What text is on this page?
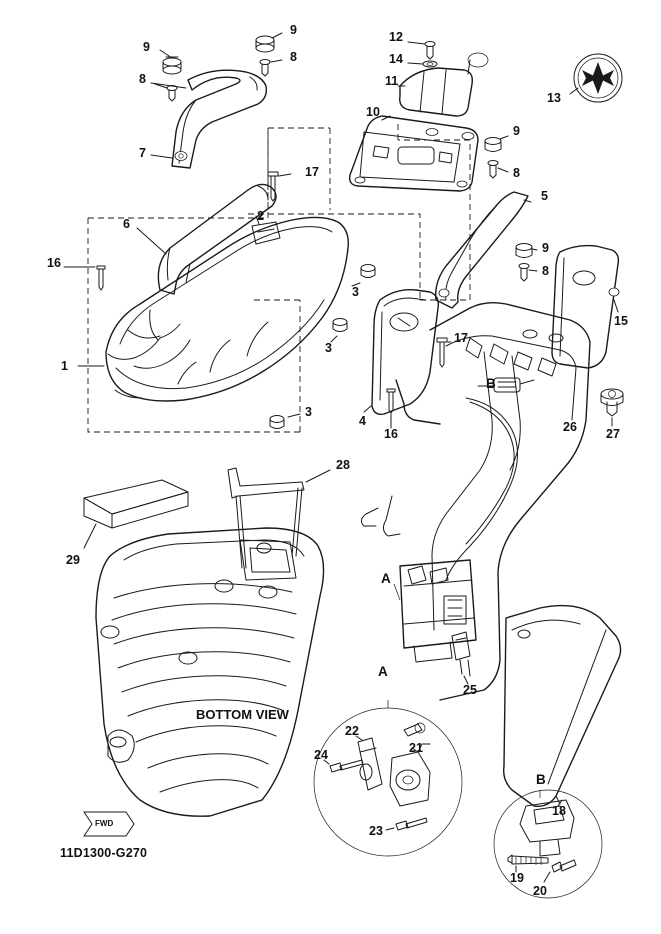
9
9
8
8
7
12
14
11
13
10
9
8
5
17
6
2
9
8
16
3
15
3
17
1
3
4
16	26 27
28
29
25
22
21
24
23
18
19
20
A
A
B
B
BOTTOM VIEW
FWD
11D1300-G270
